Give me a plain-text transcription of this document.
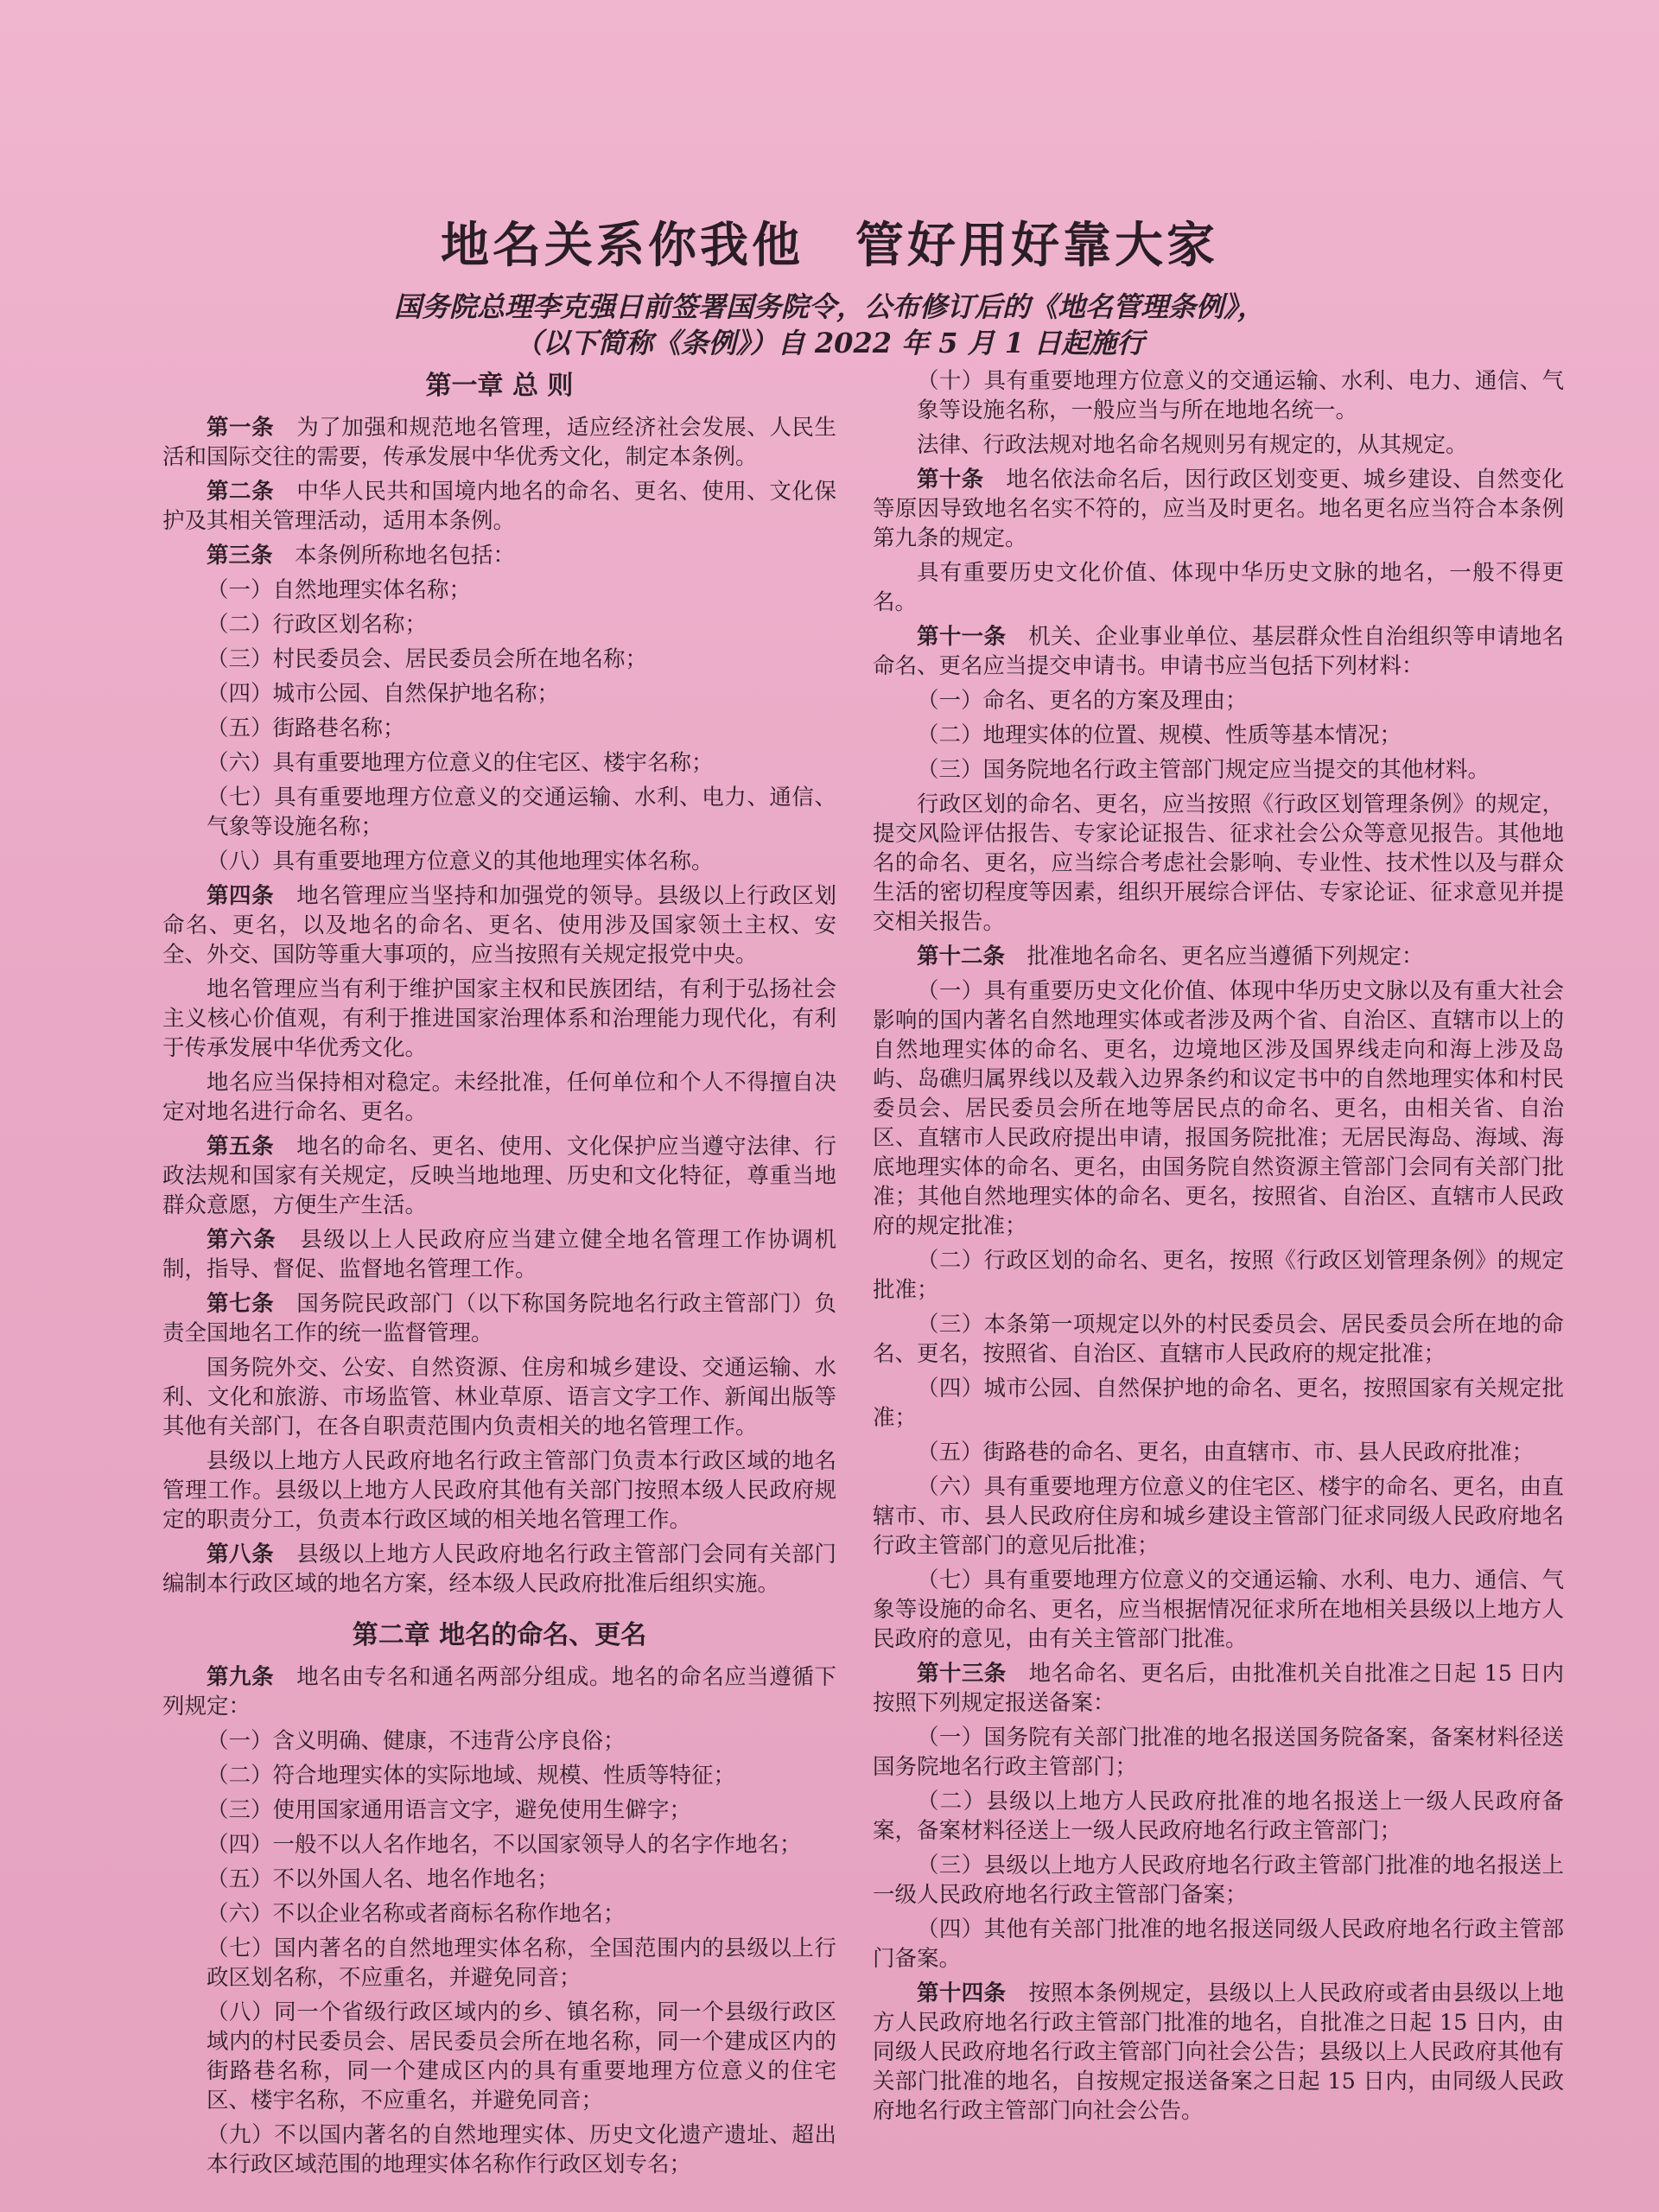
地名关系你我他　管好用好靠大家

国务院总理李克强日前签署国务院令，公布修订后的《地名管理条例》，

（以下简称《条例》）自 2022 年 5 月 1 日起施行

第一章 总 则

第一条　 为了加强和规范地名管理，适应经济社会发展、人民生活和国际交往的需要，传承发展中华优秀文化，制定本条例。

第二条　 中华人民共和国境内地名的命名、更名、使用、文化保护及其相关管理活动，适用本条例。

第三条　 本条例所称地名包括：

（一）自然地理实体名称；

（二）行政区划名称；

（三）村民委员会、居民委员会所在地名称；

（四）城市公园、自然保护地名称；

（五）街路巷名称；

（六）具有重要地理方位意义的住宅区、楼宇名称；

（七）具有重要地理方位意义的交通运输、水利、电力、通信、气象等设施名称；

（八）具有重要地理方位意义的其他地理实体名称。

第四条　 地名管理应当坚持和加强党的领导。县级以上行政区划命名、更名，以及地名的命名、更名、使用涉及国家领土主权、安全、外交、国防等重大事项的，应当按照有关规定报党中央。

地名管理应当有利于维护国家主权和民族团结，有利于弘扬社会主义核心价值观，有利于推进国家治理体系和治理能力现代化，有利于传承发展中华优秀文化。

地名应当保持相对稳定。未经批准，任何单位和个人不得擅自决定对地名进行命名、更名。

第五条　 地名的命名、更名、使用、文化保护应当遵守法律、行政法规和国家有关规定，反映当地地理、历史和文化特征，尊重当地群众意愿，方便生产生活。

第六条　 县级以上人民政府应当建立健全地名管理工作协调机制，指导、督促、监督地名管理工作。

第七条　 国务院民政部门（以下称国务院地名行政主管部门）负责全国地名工作的统一监督管理。

国务院外交、公安、自然资源、住房和城乡建设、交通运输、水利、文化和旅游、市场监管、林业草原、语言文字工作、新闻出版等其他有关部门，在各自职责范围内负责相关的地名管理工作。

县级以上地方人民政府地名行政主管部门负责本行政区域的地名管理工作。县级以上地方人民政府其他有关部门按照本级人民政府规定的职责分工，负责本行政区域的相关地名管理工作。

第八条　 县级以上地方人民政府地名行政主管部门会同有关部门编制本行政区域的地名方案，经本级人民政府批准后组织实施。

第二章 地名的命名、更名

第九条　 地名由专名和通名两部分组成。地名的命名应当遵循下列规定：

（一）含义明确、健康，不违背公序良俗；

（二）符合地理实体的实际地域、规模、性质等特征；

（三）使用国家通用语言文字，避免使用生僻字；

（四）一般不以人名作地名，不以国家领导人的名字作地名；

（五）不以外国人名、地名作地名；

（六）不以企业名称或者商标名称作地名；

（七）国内著名的自然地理实体名称，全国范围内的县级以上行政区划名称，不应重名，并避免同音；

（八）同一个省级行政区域内的乡、镇名称，同一个县级行政区域内的村民委员会、居民委员会所在地名称，同一个建成区内的街路巷名称，同一个建成区内的具有重要地理方位意义的住宅区、楼宇名称，不应重名，并避免同音；

（九）不以国内著名的自然地理实体、历史文化遗产遗址、超出本行政区域范围的地理实体名称作行政区划专名；

（十）具有重要地理方位意义的交通运输、水利、电力、通信、气象等设施名称，一般应当与所在地地名统一。

法律、行政法规对地名命名规则另有规定的，从其规定。

第十条　 地名依法命名后，因行政区划变更、城乡建设、自然变化等原因导致地名名实不符的，应当及时更名。地名更名应当符合本条例第九条的规定。

具有重要历史文化价值、体现中华历史文脉的地名，一般不得更名。

第十一条　 机关、企业事业单位、基层群众性自治组织等申请地名命名、更名应当提交申请书。申请书应当包括下列材料：

（一）命名、更名的方案及理由；

（二）地理实体的位置、规模、性质等基本情况；

（三）国务院地名行政主管部门规定应当提交的其他材料。

行政区划的命名、更名，应当按照《行政区划管理条例》的规定，提交风险评估报告、专家论证报告、征求社会公众等意见报告。其他地名的命名、更名，应当综合考虑社会影响、专业性、技术性以及与群众生活的密切程度等因素，组织开展综合评估、专家论证、征求意见并提交相关报告。

第十二条　 批准地名命名、更名应当遵循下列规定：

（一）具有重要历史文化价值、体现中华历史文脉以及有重大社会影响的国内著名自然地理实体或者涉及两个省、自治区、直辖市以上的自然地理实体的命名、更名，边境地区涉及国界线走向和海上涉及岛屿、岛礁归属界线以及载入边界条约和议定书中的自然地理实体和村民委员会、居民委员会所在地等居民点的命名、更名，由相关省、自治区、直辖市人民政府提出申请，报国务院批准；无居民海岛、海域、海底地理实体的命名、更名，由国务院自然资源主管部门会同有关部门批准；其他自然地理实体的命名、更名，按照省、自治区、直辖市人民政府的规定批准；

（二）行政区划的命名、更名，按照《行政区划管理条例》的规定批准；

（三）本条第一项规定以外的村民委员会、居民委员会所在地的命名、更名，按照省、自治区、直辖市人民政府的规定批准；

（四）城市公园、自然保护地的命名、更名，按照国家有关规定批准；

（五）街路巷的命名、更名，由直辖市、市、县人民政府批准；

（六）具有重要地理方位意义的住宅区、楼宇的命名、更名，由直辖市、市、县人民政府住房和城乡建设主管部门征求同级人民政府地名行政主管部门的意见后批准；

（七）具有重要地理方位意义的交通运输、水利、电力、通信、气象等设施的命名、更名，应当根据情况征求所在地相关县级以上地方人民政府的意见，由有关主管部门批准。

第十三条　 地名命名、更名后，由批准机关自批准之日起 15 日内按照下列规定报送备案：

（一）国务院有关部门批准的地名报送国务院备案，备案材料径送国务院地名行政主管部门；

（二）县级以上地方人民政府批准的地名报送上一级人民政府备案，备案材料径送上一级人民政府地名行政主管部门；

（三）县级以上地方人民政府地名行政主管部门批准的地名报送上一级人民政府地名行政主管部门备案；

（四）其他有关部门批准的地名报送同级人民政府地名行政主管部门备案。

第十四条　 按照本条例规定，县级以上人民政府或者由县级以上地方人民政府地名行政主管部门批准的地名，自批准之日起 15 日内，由同级人民政府地名行政主管部门向社会公告；县级以上人民政府其他有关部门批准的地名，自按规定报送备案之日起 15 日内，由同级人民政府地名行政主管部门向社会公告。
